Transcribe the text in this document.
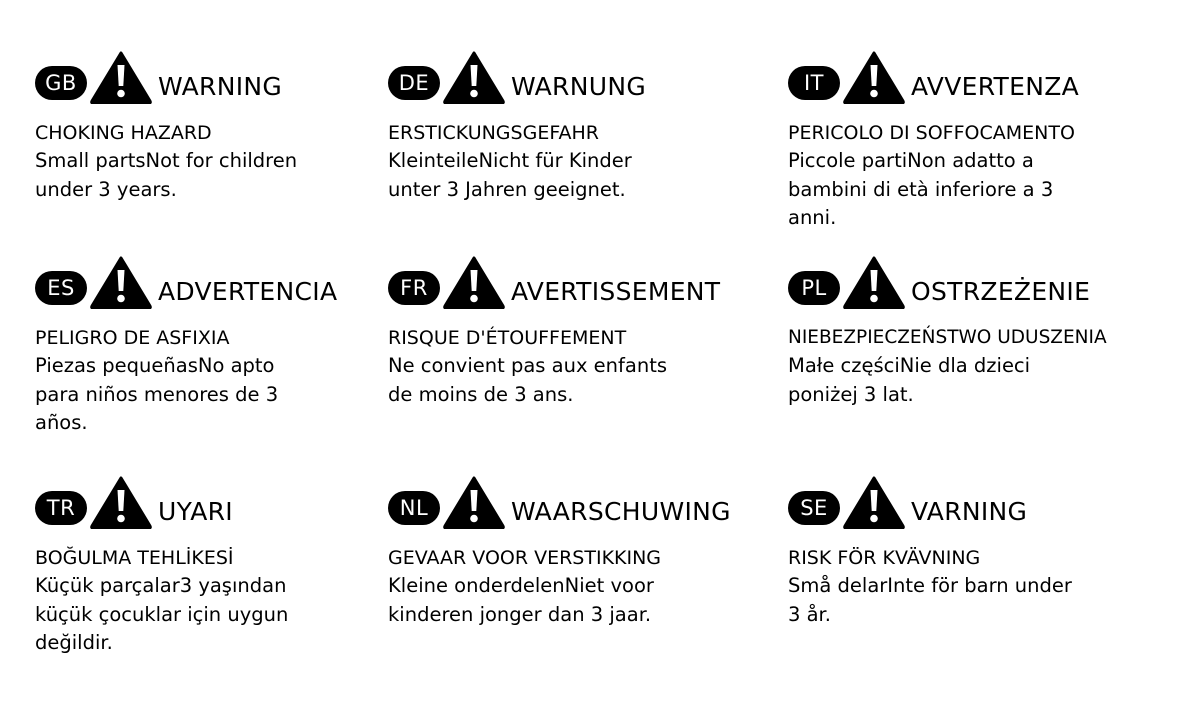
GB	WARNING
CHOKING HAZARD
Small partsNot for children
under 3 years.
DE	WARNUNG
ERSTICKUNGSGEFAHR
KleinteileNicht für Kinder
unter 3 Jahren geeignet.
IT	AVVERTENZA
PERICOLO DI SOFFOCAMENTO
Piccole partiNon adatto a
bambini di età inferiore a 3
anni.
ES	ADVERTENCIA
PELIGRO DE ASFIXIA
Piezas pequeñasNo apto
para niños menores de 3
años.
FR	AVERTISSEMENT
RISQUE D'ÉTOUFFEMENT
Ne convient pas aux enfants
de moins de 3 ans.
PL	OSTRZEŻENIE
NIEBEZPIECZEŃSTWO UDUSZENIA
Małe częściNie dla dzieci
poniżej 3 lat.
TR	UYARI
BOĞULMA TEHLİKESİ
Küçük parçalar3 yaşından
küçük çocuklar için uygun
değildir.
NL	WAARSCHUWING
GEVAAR VOOR VERSTIKKING
Kleine onderdelenNiet voor
kinderen jonger dan 3 jaar.
SE	VARNING
RISK FÖR KVÄVNING
Små delarInte för barn under
3 år.
